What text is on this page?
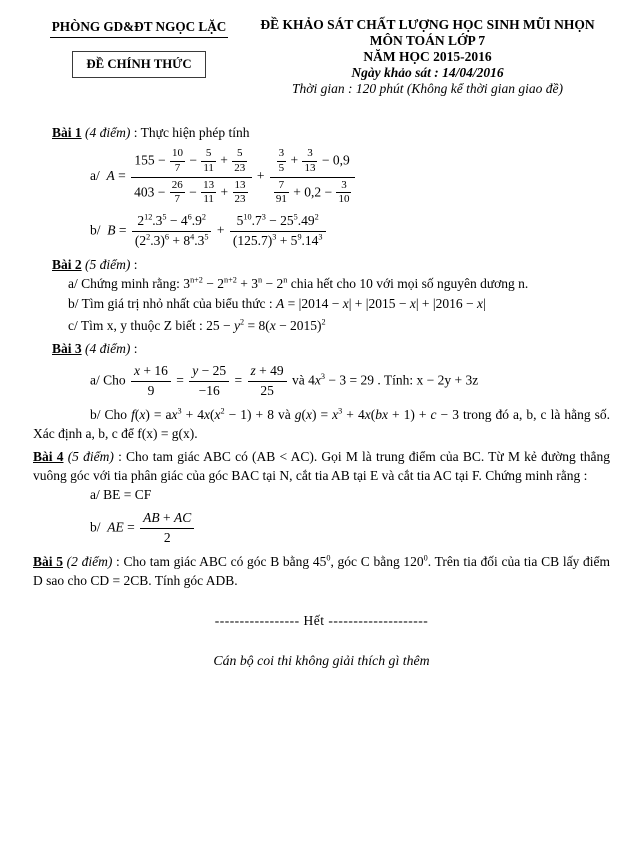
PHÒNG GD&ĐT NGỌC LẶC
ĐỀ CHÍNH THỨC
ĐỀ KHẢO SÁT CHẤT LƯỢNG HỌC SINH MŨI NHỌN
MÔN TOÁN LỚP 7
NĂM HỌC 2015-2016
Ngày khảo sát : 14/04/2016
Thời gian : 120 phút (Không kể thời gian giao đề)
Bài 1 (4 điểm) : Thực hiện phép tính
a/  $A = \frac{155 - \frac{10}{7} - \frac{5}{11} + \frac{5}{23}}{403 - \frac{26}{7} - \frac{13}{11} + \frac{13}{23}} + \frac{\frac{3}{5} + \frac{3}{13} - 0,9}{\frac{7}{91} + 0,2 - \frac{3}{10}}$
b/  $B = \frac{2^{12}.3^5 - 4^6.9^2}{(2^2.3)^6 + 8^4.3^5} + \frac{5^{10}.7^3 - 25^5.49^2}{(125.7)^3 + 5^9.14^3}$
Bài 2 (5 điểm) :
a/ Chứng minh rằng: $3^{n+2} - 2^{n+2} + 3^n - 2^n$ chia hết cho 10 với mọi số nguyên dương n.
b/ Tìm giá trị nhỏ nhất của biểu thức : A = |2014 − x| + |2015 − x| + |2016 − x|
c/ Tìm x, y thuộc Z biết : $25 - y^2 = 8(x - 2015)^2$
Bài 3 (4 điểm) :
a/ Cho $\frac{x + 16}{9} = \frac{y - 25}{-16} = \frac{z + 49}{25}$ và $4x^3 - 3 = 29$ . Tính: x − 2y + 3z
b/ Cho $f(x) = ax^3 + 4x(x^2 - 1) + 8$ và $g(x) = x^3 + 4x(bx + 1) + c - 3$ trong đó a, b, c là hằng số. Xác định a, b, c để f(x) = g(x).
Bài 4 (5 điểm) : Cho tam giác ABC có (AB < AC). Gọi M là trung điểm của BC. Từ M kẻ đường thẳng vuông góc với tia phân giác của góc BAC tại N, cắt tia AB tại E và cắt tia AC tại F. Chứng minh rằng :
a/ BE = CF
b/  AE = $\frac{AB + AC}{2}$
Bài 5 (2 điểm) : Cho tam giác ABC có góc B bằng $45^0$, góc C bằng $120^0$. Trên tia đối của tia CB lấy điểm D sao cho CD = 2CB. Tính góc ADB.
----------------- Hết --------------------
Cán bộ coi thi không giải thích gì thêm
